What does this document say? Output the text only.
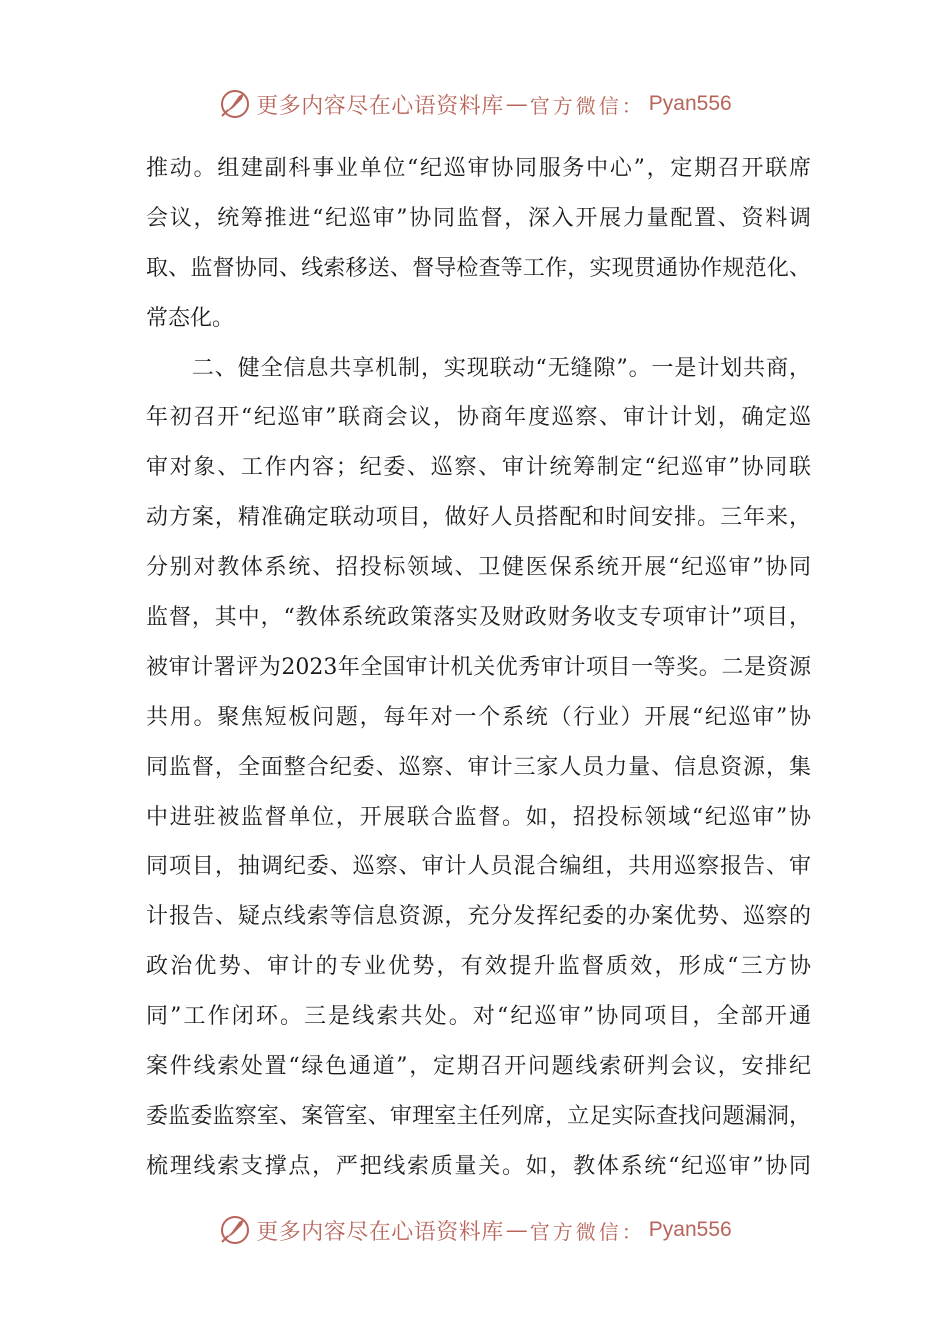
更多内容尽在心语资料库 — 官方微信： Pyan556
推动。组建副科事业单位“纪巡审协同服务中心”，定期召开联席
会议，统筹推进“纪巡审”协同监督，深入开展力量配置、资料调
取、监督协同、线索移送、督导检查等工作，实现贯通协作规范化、
常态化。
　　二、健全信息共享机制，实现联动“无缝隙”。一是计划共商，
年初召开“纪巡审”联商会议，协商年度巡察、审计计划，确定巡
审对象、工作内容；纪委、巡察、审计统筹制定“纪巡审”协同联
动方案，精准确定联动项目，做好人员搭配和时间安排。三年来，
分别对教体系统、招投标领域、卫健医保系统开展“纪巡审”协同
监督，其中，“教体系统政策落实及财政财务收支专项审计”项目，
被审计署评为2023年全国审计机关优秀审计项目一等奖。二是资源
共用。聚焦短板问题，每年对一个系统（行业）开展“纪巡审”协
同监督，全面整合纪委、巡察、审计三家人员力量、信息资源，集
中进驻被监督单位，开展联合监督。如，招投标领域“纪巡审”协
同项目，抽调纪委、巡察、审计人员混合编组，共用巡察报告、审
计报告、疑点线索等信息资源，充分发挥纪委的办案优势、巡察的
政治优势、审计的专业优势，有效提升监督质效，形成“三方协
同”工作闭环。三是线索共处。对“纪巡审”协同项目，全部开通
案件线索处置“绿色通道”，定期召开问题线索研判会议，安排纪
委监委监察室、案管室、审理室主任列席，立足实际查找问题漏洞，
梳理线索支撑点，严把线索质量关。如，教体系统“纪巡审”协同
更多内容尽在心语资料库 — 官方微信： Pyan556
